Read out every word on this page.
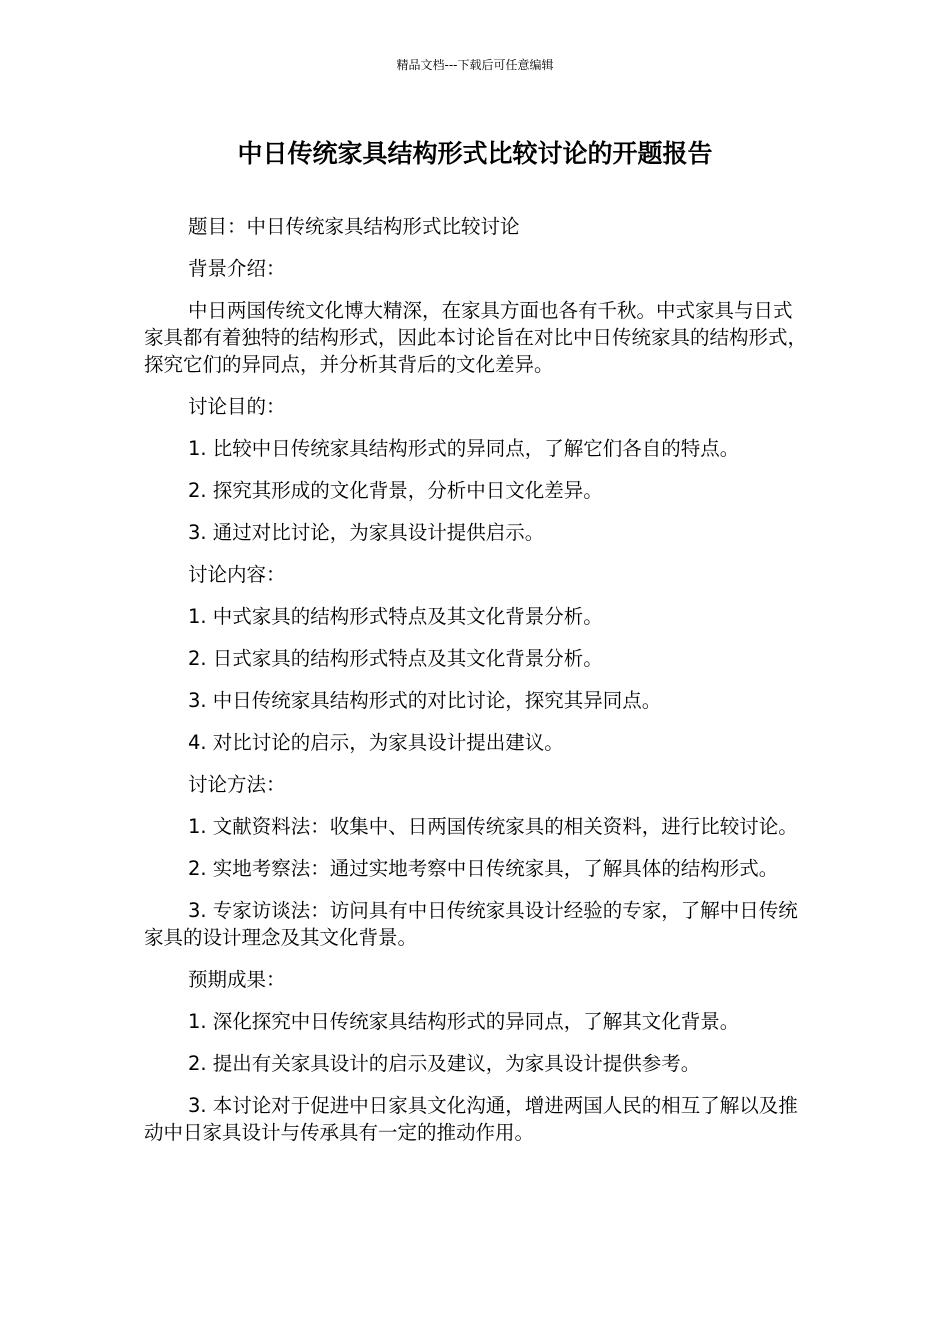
精品文档---下载后可任意编辑
中日传统家具结构形式比较讨论的开题报告

题目：中日传统家具结构形式比较讨论

背景介绍：

中日两国传统文化博大精深，在家具方面也各有千秋。中式家具与日式家具都有着独特的结构形式，因此本讨论旨在对比中日传统家具的结构形式，探究它们的异同点，并分析其背后的文化差异。

讨论目的：

1. 比较中日传统家具结构形式的异同点，了解它们各自的特点。

2. 探究其形成的文化背景，分析中日文化差异。

3. 通过对比讨论，为家具设计提供启示。

讨论内容：

1. 中式家具的结构形式特点及其文化背景分析。

2. 日式家具的结构形式特点及其文化背景分析。

3. 中日传统家具结构形式的对比讨论，探究其异同点。

4. 对比讨论的启示，为家具设计提出建议。

讨论方法：

1. 文献资料法：收集中、日两国传统家具的相关资料，进行比较讨论。

2. 实地考察法：通过实地考察中日传统家具，了解具体的结构形式。

3. 专家访谈法：访问具有中日传统家具设计经验的专家，了解中日传统家具的设计理念及其文化背景。

预期成果：

1. 深化探究中日传统家具结构形式的异同点，了解其文化背景。

2. 提出有关家具设计的启示及建议，为家具设计提供参考。

3. 本讨论对于促进中日家具文化沟通，增进两国人民的相互了解以及推动中日家具设计与传承具有一定的推动作用。
